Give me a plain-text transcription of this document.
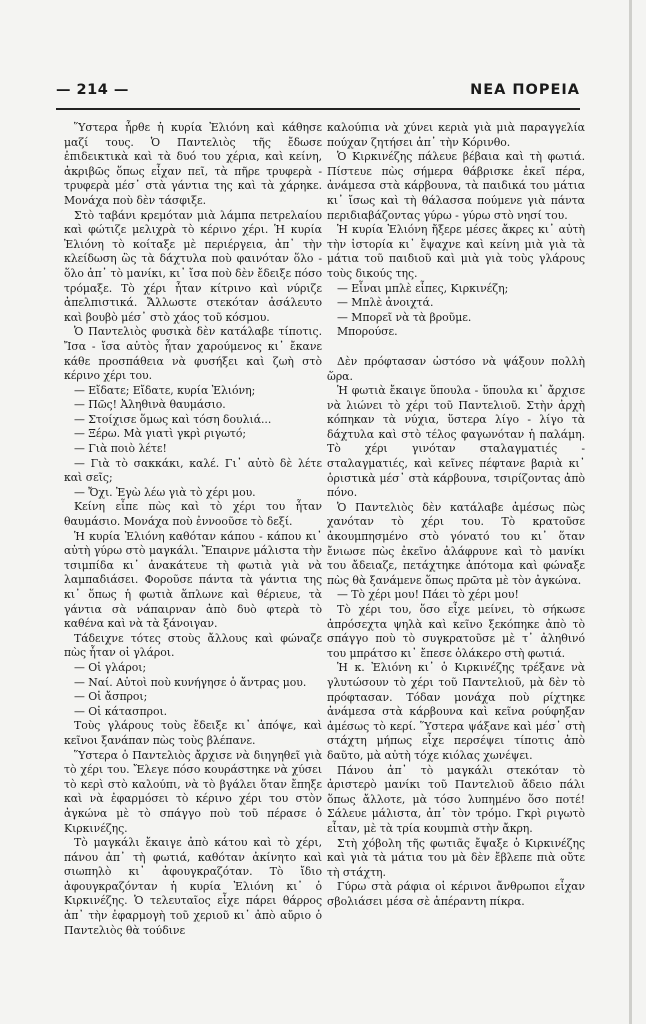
— 214 —	ΝΕΑ ΠΟΡΕΙΑ

Ὕστερα ἦρθε ἡ κυρία Ἐλιόνη καὶ κάθησε μαζί τους. Ὁ Παντελιὸς τῆς ἔδωσε ἐπιδεικτικὰ καὶ τὰ δυό του χέρια, καὶ κείνη, ἀκριβῶς ὅπως εἶχαν πεῖ, τὰ πῆρε τρυφερὰ - τρυφερὰ μέσ᾽ στὰ γάντια της καὶ τὰ χάρηκε. Μονάχα ποὺ δὲν τάσφιξε.

Στὸ ταβάνι κρεμόταν μιὰ λάμπα πετρελαίου καὶ φώτιζε μελιχρὰ τὸ κέρινο χέρι. Ἡ κυρία Ἐλιόνη τὸ κοίταξε μὲ περιέργεια, ἀπ᾽ τὴν κλείδωση ὣς τὰ δάχτυλα ποὺ φαινόταν ὅλο - ὅλο ἀπ᾽ τὸ μανίκι, κι᾽ ἴσα ποὺ δὲν ἔδειξε πόσο τρόμαξε. Τὸ χέρι ἦταν κίτρινο καὶ νύριζε ἀπελπιστικά. Ἄλλωστε στεκόταν ἀσάλευτο καὶ βουβὸ μέσ᾽ στὸ χάος τοῦ κόσμου.

Ὁ Παντελιὸς φυσικὰ δὲν κατάλαβε τίποτις. Ἴσα - ἴσα αὐτὸς ἦταν χαρούμενος κι᾽ ἔκανε κάθε προσπάθεια νὰ φυσήξει καὶ ζωὴ στὸ κέρινο χέρι του.

— Εἴδατε; Εἴδατε, κυρία Ἐλιόνη;

— Πῶς! Ἀληθινὰ θαυμάσιο.

— Στοίχισε ὅμως καὶ τόση δουλιά...

— Ξέρω. Μὰ γιατὶ γκρὶ ριγωτό;

— Γιὰ ποιὸ λέτε!

— Γιὰ τὸ σακκάκι, καλέ. Γι᾽ αὐτὸ δὲ λέτε καὶ σεῖς;

— Ὄχι. Ἐγὼ λέω γιὰ τὸ χέρι μου.

Κείνη εἶπε πὼς καὶ τὸ χέρι του ἦταν θαυμάσιο. Μονάχα ποὺ ἐννοοῦσε τὸ δεξί.

Ἡ κυρία Ἐλιόνη καθόταν κάπου - κάπου κι᾽ αὐτὴ γύρω στὸ μαγκάλι. Ἔπαιρνε μάλιστα τὴν τσιμπίδα κι᾽ ἀνακάτευε τὴ φωτιὰ γιὰ νὰ λαμπαδιάσει. Φοροῦσε πάντα τὰ γάντια της κι᾽ ὅπως ἡ φωτιὰ ἅπλωνε καὶ θέριευε, τὰ γάντια σὰ νάπαιρναν ἀπὸ δυὸ φτερὰ τὸ καθένα καὶ νὰ τὰ ξάνοιγαν.

Τάδειχνε τότες στοὺς ἄλλους καὶ φώναζε πὼς ἦταν οἱ γλάροι.

— Οἱ γλάροι;

— Ναί. Αὐτοὶ ποὺ κυνήγησε ὁ ἄντρας μου.

— Οἱ ἄσπροι;

— Οἱ κάτασπροι.

Τοὺς γλάρους τοὺς ἔδειξε κι᾽ ἀπόψε, καὶ κεῖνοι ξανάπαν πὼς τοὺς βλέπανε.

Ὕστερα ὁ Παντελιὸς ἄρχισε νὰ διηγηθεῖ γιὰ τὸ χέρι του. Ἔλεγε πόσο κουράστηκε νὰ χύσει τὸ κερὶ στὸ καλούπι, νὰ τὸ βγάλει ὅταν ἔπηξε καὶ νὰ ἐφαρμόσει τὸ κέρινο χέρι του στὸν ἀγκώνα μὲ τὸ σπάγγο ποὺ τοῦ πέρασε ὁ Κιρκινέζης.

Τὸ μαγκάλι ἔκαιγε ἀπὸ κάτου καὶ τὸ χέρι, πάνου ἀπ᾽ τὴ φωτιά, καθόταν ἀκίνητο καὶ σιωπηλὸ κι᾽ ἀφουγκραζόταν. Τὸ ἴδιο ἀφουγκραζόνταν ἡ κυρία Ἐλιόνη κι᾽ ὁ Κιρκινέζης. Ὁ τελευταῖος εἶχε πάρει θάρρος ἀπ᾽ τὴν ἐφαρμογὴ τοῦ χεριοῦ κι᾽ ἀπὸ αὔριο ὁ Παντελιὸς θὰ τούδινε

καλούπια νὰ χύνει κεριὰ γιὰ μιὰ παραγγελία πούχαν ζητήσει ἀπ᾽ τὴν Κόρινθο.

Ὁ Κιρκινέζης πάλευε βέβαια καὶ τὴ φωτιά. Πίστευε πὼς σήμερα θάβρισκε ἐκεῖ πέρα, ἀνάμεσα στὰ κάρβουνα, τὰ παιδικά του μάτια κι᾽ ἴσως καὶ τὴ θάλασσα πούμενε γιὰ πάντα περιδιαβάζοντας γύρω - γύρω στὸ νησί του.

Ἡ κυρία Ἐλιόνη ἤξερε μέσες ἄκρες κι᾽ αὐτὴ τὴν ἱστορία κι᾽ ἔψαχνε καὶ κείνη μιὰ γιὰ τὰ μάτια τοῦ παιδιοῦ καὶ μιὰ γιὰ τοὺς γλάρους τοὺς δικούς της.

— Εἶναι μπλὲ εἶπες, Κιρκινέζη;

— Μπλὲ ἀνοιχτά.

— Μπορεῖ νὰ τὰ βροῦμε.

Μπορούσε.

Δὲν πρόφτασαν ὡστόσο νὰ ψάξουν πολλὴ ὥρα.

Ἡ φωτιὰ ἔκαιγε ὕπουλα - ὕπουλα κι᾽ ἄρχισε νὰ λιώνει τὸ χέρι τοῦ Παντελιοῦ. Στὴν ἀρχὴ κόπηκαν τὰ νύχια, ὕστερα λίγο - λίγο τὰ δάχτυλα καὶ στὸ τέλος φαγωνόταν ἡ παλάμη. Τὸ χέρι γινόταν σταλαγματιές - σταλαγματιές, καὶ κεῖνες πέφτανε βαριὰ κι᾽ ὁριστικὰ μέσ᾽ στὰ κάρβουνα, τσιρίζοντας ἀπὸ πόνο.

Ὁ Παντελιὸς δὲν κατάλαβε ἀμέσως πὼς χανόταν τὸ χέρι του. Τὸ κρατοῦσε ἀκουμπησμένο στὸ γόνατό του κι᾽ ὅταν ἔνιωσε πὼς ἐκεῖνο ἀλάφρυνε καὶ τὸ μανίκι του ἄδειαζε, πετάχτηκε ἀπότομα καὶ φώναξε πὼς θὰ ξανάμενε ὅπως πρῶτα μὲ τὸν ἀγκώνα.

— Τὸ χέρι μου! Πάει τὸ χέρι μου!

Τὸ χέρι του, ὅσο εἶχε μείνει, τὸ σήκωσε ἀπρόσεχτα ψηλὰ καὶ κεῖνο ξεκόπηκε ἀπὸ τὸ σπάγγο ποὺ τὸ συγκρατοῦσε μὲ τ᾽ ἀληθινό του μπράτσο κι᾽ ἔπεσε ὁλάκερο στὴ φωτιά.

Ἡ κ. Ἐλιόνη κι᾽ ὁ Κιρκινέζης τρέξανε νὰ γλυτώσουν τὸ χέρι τοῦ Παντελιοῦ, μὰ δὲν τὸ πρόφτασαν. Τόδαν μονάχα ποὺ ρίχτηκε ἀνάμεσα στὰ κάρβουνα καὶ κεῖνα ρούφηξαν ἀμέσως τὸ κερί. Ὕστερα ψάξανε καὶ μέσ᾽ στὴ στάχτη μήπως εἶχε περσέψει τίποτις ἀπὸ δαῦτο, μὰ αὐτὴ τόχε κιόλας χωνέψει.

Πάνου ἀπ᾽ τὸ μαγκάλι στεκόταν τὸ ἀριστερὸ μανίκι τοῦ Παντελιοῦ ἄδειο πάλι ὅπως ἄλλοτε, μὰ τόσο λυπημένο ὅσο ποτέ! Σάλευε μάλιστα, ἀπ᾽ τὸν τρόμο. Γκρὶ ριγωτὸ εἶταν, μὲ τὰ τρία κουμπιὰ στὴν ἄκρη.

Στὴ χόβολη τῆς φωτιᾶς ἔψαξε ὁ Κιρκινέζης καὶ γιὰ τὰ μάτια του μὰ δὲν ἔβλεπε πιὰ οὔτε τὴ στάχτη.

Γύρω στὰ ράφια οἱ κέρινοι ἄνθρωποι εἶχαν σβολιάσει μέσα σὲ ἀπέραντη πίκρα.
